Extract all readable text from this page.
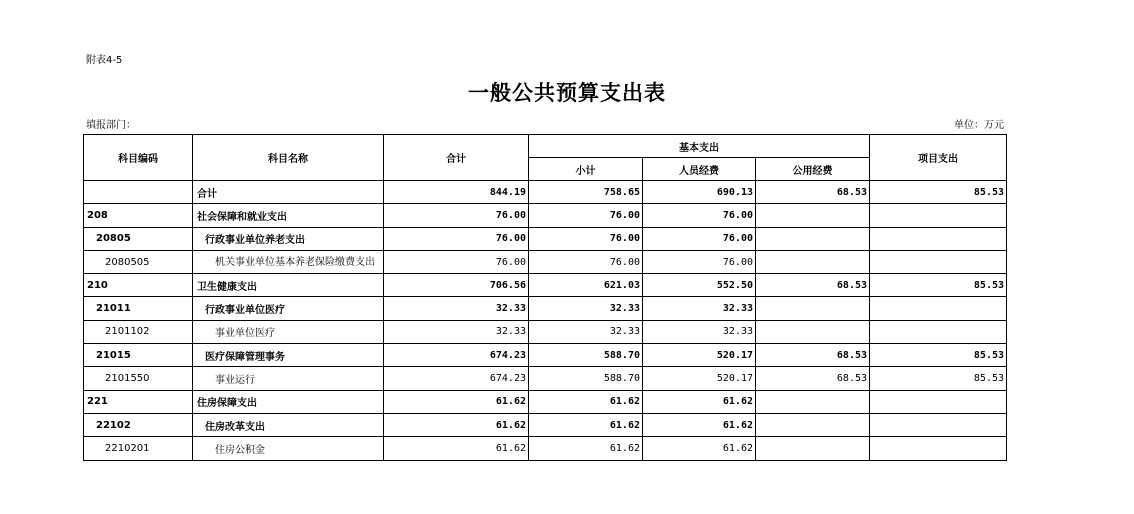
附表4-5
一般公共预算支出表
填报部门：	单位：万元
科目编码	科目名称	合计	基本支出			项目支出
			小计	人员经费	公用经费	
	合计	844.19	758.65	690.13	68.53	85.53
208	社会保障和就业支出	76.00	76.00	76.00		
20805	行政事业单位养老支出	76.00	76.00	76.00		
2080505	机关事业单位基本养老保险缴费支出	76.00	76.00	76.00		
210	卫生健康支出	706.56	621.03	552.50	68.53	85.53
21011	行政事业单位医疗	32.33	32.33	32.33		
2101102	事业单位医疗	32.33	32.33	32.33		
21015	医疗保障管理事务	674.23	588.70	520.17	68.53	85.53
2101550	事业运行	674.23	588.70	520.17	68.53	85.53
221	住房保障支出	61.62	61.62	61.62		
22102	住房改革支出	61.62	61.62	61.62		
2210201	住房公积金	61.62	61.62	61.62		
